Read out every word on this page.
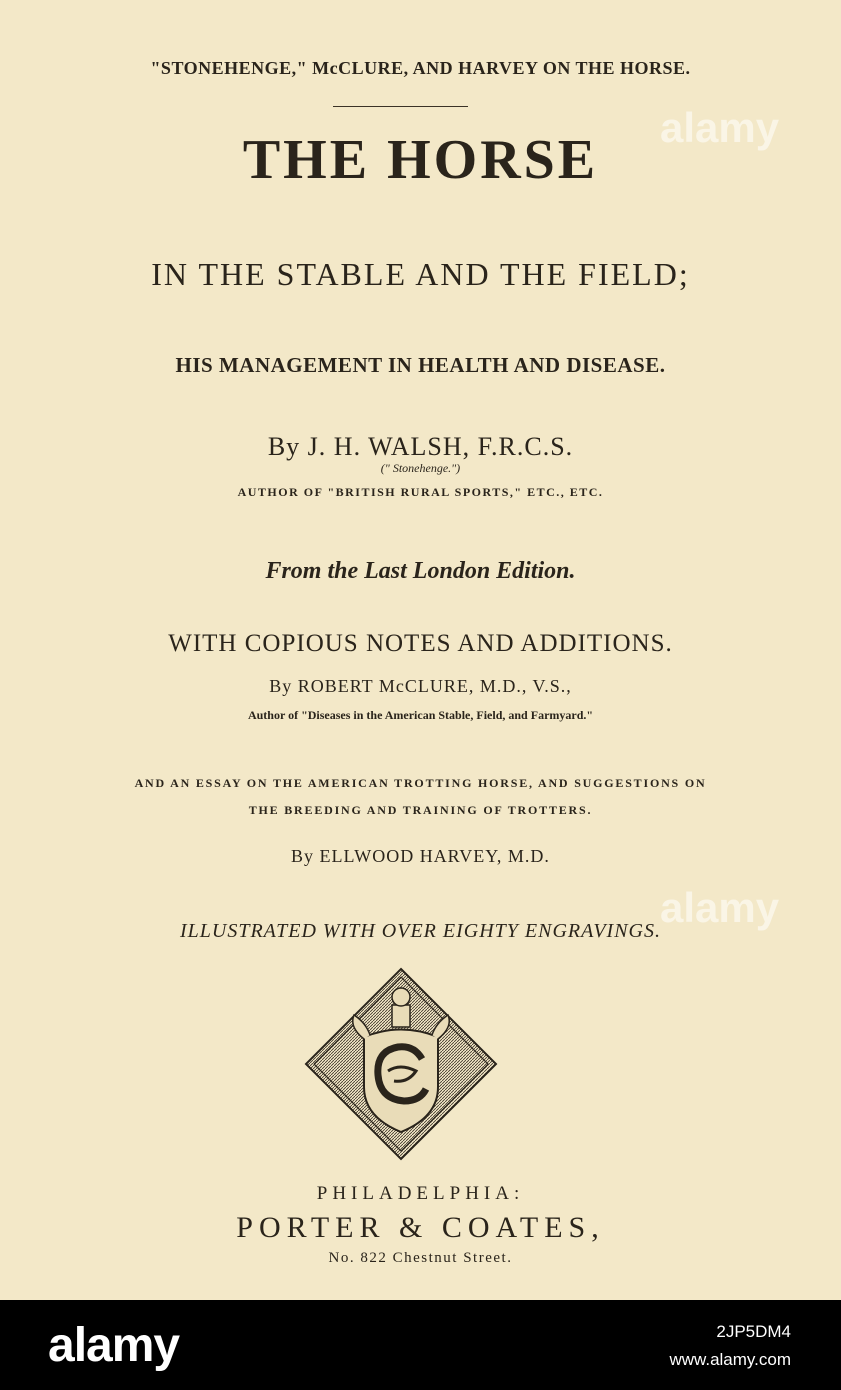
"STONEHENGE," McCLURE, AND HARVEY ON THE HORSE.
THE HORSE
IN THE STABLE AND THE FIELD;
HIS MANAGEMENT IN HEALTH AND DISEASE.
By J. H. WALSH, F.R.C.S.
(" Stonehenge.")
AUTHOR OF "BRITISH RURAL SPORTS," ETC., ETC.
From the Last London Edition.
WITH COPIOUS NOTES AND ADDITIONS.
By ROBERT McCLURE, M.D., V.S.,
Author of "Diseases in the American Stable, Field, and Farmyard."
AND AN ESSAY ON THE AMERICAN TROTTING HORSE, AND SUGGESTIONS ON
THE BREEDING AND TRAINING OF TROTTERS.
By ELLWOOD HARVEY, M.D.
ILLUSTRATED WITH OVER EIGHTY ENGRAVINGS.
PHILADELPHIA:
PORTER & COATES,
No. 822 Chestnut Street.
alamy
alamy
alamy	2JP5DM4
www.alamy.com
